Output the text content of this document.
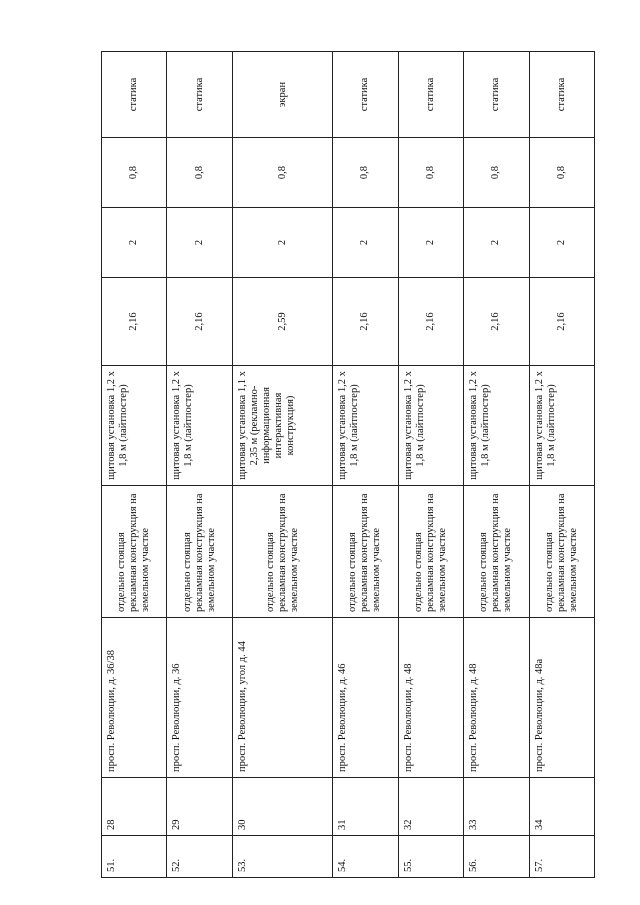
51.	28	просп. Революции, д. 36/38	отдельно стоящая рекламная конструкция на земельном участке	щитовая установка 1,2 х 1,8 м (лайтпостер)	2,16	2	0,8	статика
52.	29	просп. Революции, д. 36	отдельно стоящая рекламная конструкция на земельном участке	щитовая установка 1,2 х 1,8 м (лайтпостер)	2,16	2	0,8	статика
53.	30	просп. Революции, угол д. 44	отдельно стоящая рекламная конструкция на земельном участке	щитовая установка 1,1 х 2,35 м (рекламно-информационная интерактивная конструкция)	2,59	2	0,8	экран
54.	31	просп. Революции, д. 46	отдельно стоящая рекламная конструкция на земельном участке	щитовая установка 1,2 х 1,8 м (лайтпостер)	2,16	2	0,8	статика
55.	32	просп. Революции, д. 48	отдельно стоящая рекламная конструкция на земельном участке	щитовая установка 1,2 х 1,8 м (лайтпостер)	2,16	2	0,8	статика
56.	33	просп. Революции, д. 48	отдельно стоящая рекламная конструкция на земельном участке	щитовая установка 1,2 х 1,8 м (лайтпостер)	2,16	2	0,8	статика
57.	34	просп. Революции, д. 48а	отдельно стоящая рекламная конструкция на земельном участке	щитовая установка 1,2 х 1,8 м (лайтпостер)	2,16	2	0,8	статика
